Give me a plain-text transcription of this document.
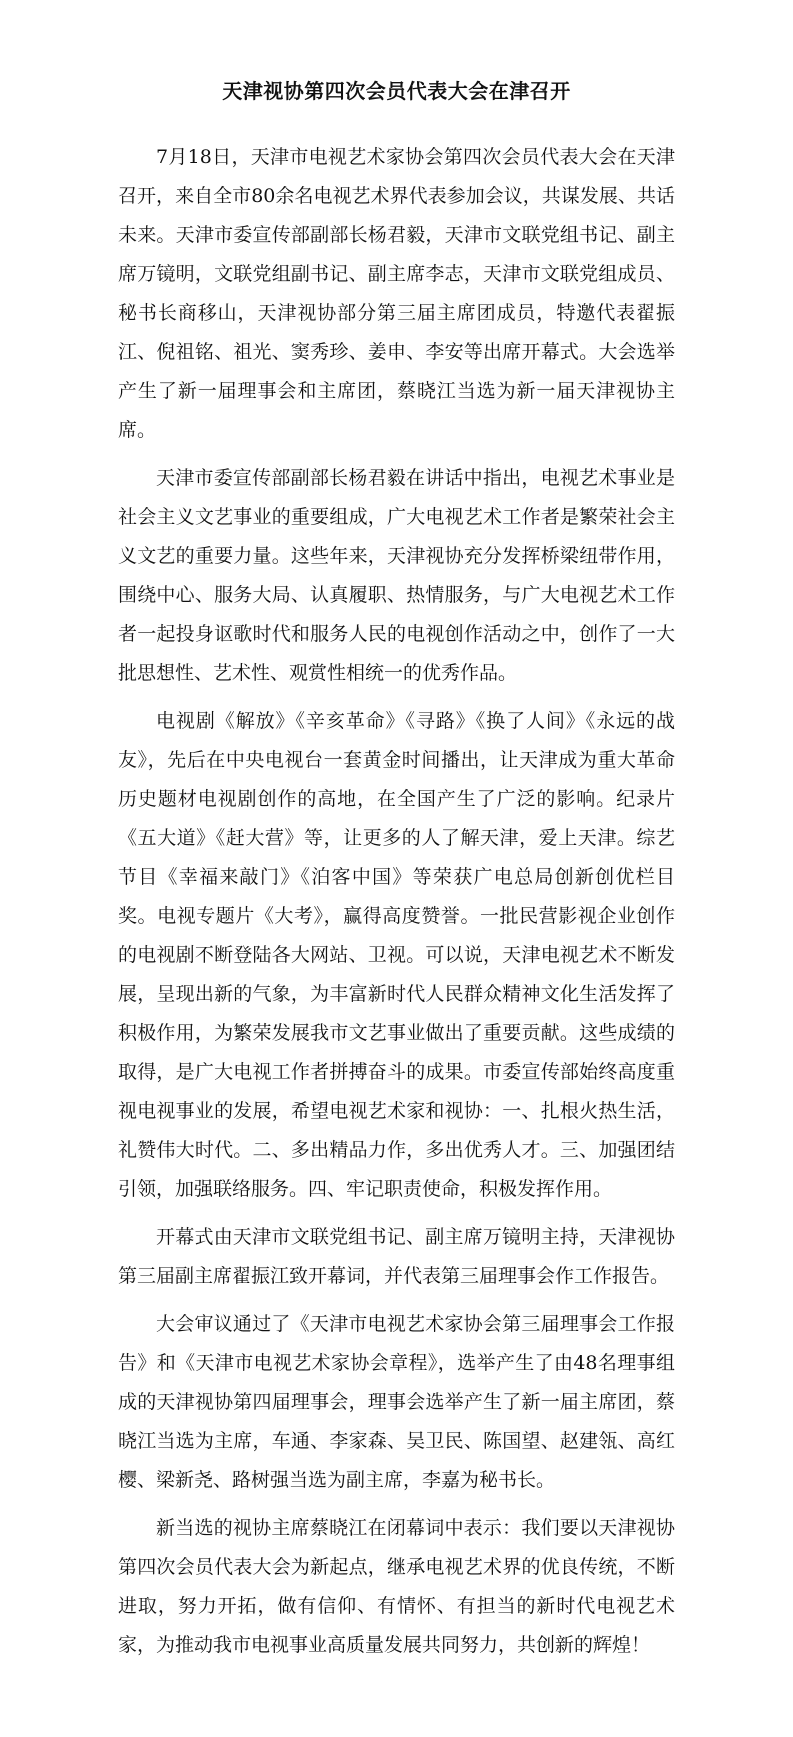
天津视协第四次会员代表大会在津召开

7月18日，天津市电视艺术家协会第四次会员代表大会在天津召开，来自全市80余名电视艺术界代表参加会议，共谋发展、共话未来。天津市委宣传部副部长杨君毅，天津市文联党组书记、副主席万镜明，文联党组副书记、副主席李志，天津市文联党组成员、秘书长商移山，天津视协部分第三届主席团成员，特邀代表翟振江、倪祖铭、祖光、窦秀珍、姜申、李安等出席开幕式。大会选举产生了新一届理事会和主席团，蔡晓江当选为新一届天津视协主席。

天津市委宣传部副部长杨君毅在讲话中指出，电视艺术事业是社会主义文艺事业的重要组成，广大电视艺术工作者是繁荣社会主义文艺的重要力量。这些年来，天津视协充分发挥桥梁纽带作用，围绕中心、服务大局、认真履职、热情服务，与广大电视艺术工作者一起投身讴歌时代和服务人民的电视创作活动之中，创作了一大批思想性、艺术性、观赏性相统一的优秀作品。

电视剧《解放》《辛亥革命》《寻路》《换了人间》《永远的战友》，先后在中央电视台一套黄金时间播出，让天津成为重大革命历史题材电视剧创作的高地，在全国产生了广泛的影响。纪录片《五大道》《赶大营》等，让更多的人了解天津，爱上天津。综艺节目《幸福来敲门》《泊客中国》等荣获广电总局创新创优栏目奖。电视专题片《大考》，赢得高度赞誉。一批民营影视企业创作的电视剧不断登陆各大网站、卫视。可以说，天津电视艺术不断发展，呈现出新的气象，为丰富新时代人民群众精神文化生活发挥了积极作用，为繁荣发展我市文艺事业做出了重要贡献。这些成绩的取得，是广大电视工作者拼搏奋斗的成果。市委宣传部始终高度重视电视事业的发展，希望电视艺术家和视协：一、扎根火热生活，礼赞伟大时代。二、多出精品力作，多出优秀人才。三、加强团结引领，加强联络服务。四、牢记职责使命，积极发挥作用。

开幕式由天津市文联党组书记、副主席万镜明主持，天津视协第三届副主席翟振江致开幕词，并代表第三届理事会作工作报告。

大会审议通过了《天津市电视艺术家协会第三届理事会工作报告》和《天津市电视艺术家协会章程》，选举产生了由48名理事组成的天津视协第四届理事会，理事会选举产生了新一届主席团，蔡晓江当选为主席，车通、李家森、吴卫民、陈国望、赵建瓴、高红樱、梁新尧、路树强当选为副主席，李嘉为秘书长。

新当选的视协主席蔡晓江在闭幕词中表示：我们要以天津视协第四次会员代表大会为新起点，继承电视艺术界的优良传统，不断进取，努力开拓，做有信仰、有情怀、有担当的新时代电视艺术家，为推动我市电视事业高质量发展共同努力，共创新的辉煌！
